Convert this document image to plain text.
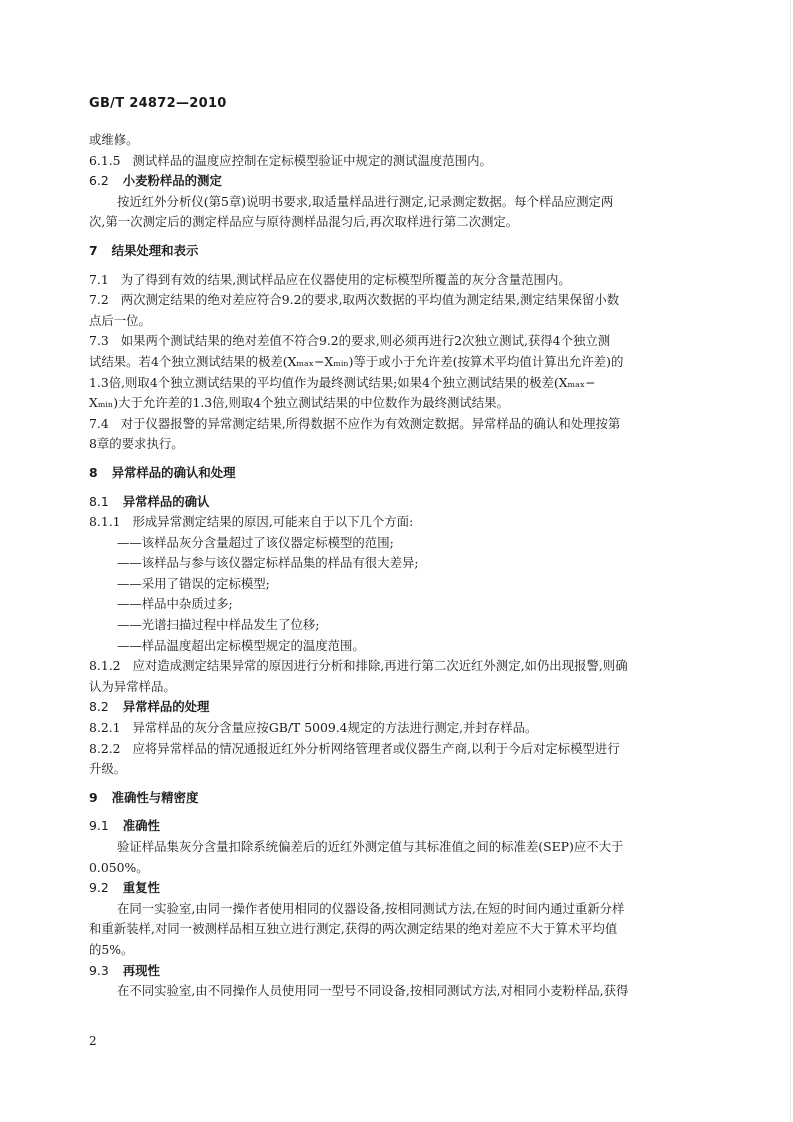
GB/T 24872—2010
或维修。
6.1.5 测试样品的温度应控制在定标模型验证中规定的测试温度范围内。
6.2 小麦粉样品的测定
按近红外分析仪(第5章)说明书要求,取适量样品进行测定,记录测定数据。每个样品应测定两
次,第一次测定后的测定样品应与原待测样品混匀后,再次取样进行第二次测定。
7 结果处理和表示
7.1 为了得到有效的结果,测试样品应在仪器使用的定标模型所覆盖的灰分含量范围内。
7.2 两次测定结果的绝对差应符合9.2的要求,取两次数据的平均值为测定结果,测定结果保留小数
点后一位。
7.3 如果两个测试结果的绝对差值不符合9.2的要求,则必须再进行2次独立测试,获得4个独立测
试结果。若4个独立测试结果的极差(Xₘₐₓ−Xₘᵢₙ)等于或小于允许差(按算术平均值计算出允许差)的
1.3倍,则取4个独立测试结果的平均值作为最终测试结果;如果4个独立测试结果的极差(Xₘₐₓ−
Xₘᵢₙ)大于允许差的1.3倍,则取4个独立测试结果的中位数作为最终测试结果。
7.4 对于仪器报警的异常测定结果,所得数据不应作为有效测定数据。异常样品的确认和处理按第
8章的要求执行。
8 异常样品的确认和处理
8.1 异常样品的确认
8.1.1 形成异常测定结果的原因,可能来自于以下几个方面:
——该样品灰分含量超过了该仪器定标模型的范围;
——该样品与参与该仪器定标样品集的样品有很大差异;
——采用了错误的定标模型;
——样品中杂质过多;
——光谱扫描过程中样品发生了位移;
——样品温度超出定标模型规定的温度范围。
8.1.2 应对造成测定结果异常的原因进行分析和排除,再进行第二次近红外测定,如仍出现报警,则确
认为异常样品。
8.2 异常样品的处理
8.2.1 异常样品的灰分含量应按GB/T 5009.4规定的方法进行测定,并封存样品。
8.2.2 应将异常样品的情况通报近红外分析网络管理者或仪器生产商,以利于今后对定标模型进行
升级。
9 准确性与精密度
9.1 准确性
验证样品集灰分含量扣除系统偏差后的近红外测定值与其标准值之间的标准差(SEP)应不大于
0.050%。
9.2 重复性
在同一实验室,由同一操作者使用相同的仪器设备,按相同测试方法,在短的时间内通过重新分样
和重新装样,对同一被测样品相互独立进行测定,获得的两次测定结果的绝对差应不大于算术平均值
的5%。
9.3 再现性
在不同实验室,由不同操作人员使用同一型号不同设备,按相同测试方法,对相同小麦粉样品,获得
2
